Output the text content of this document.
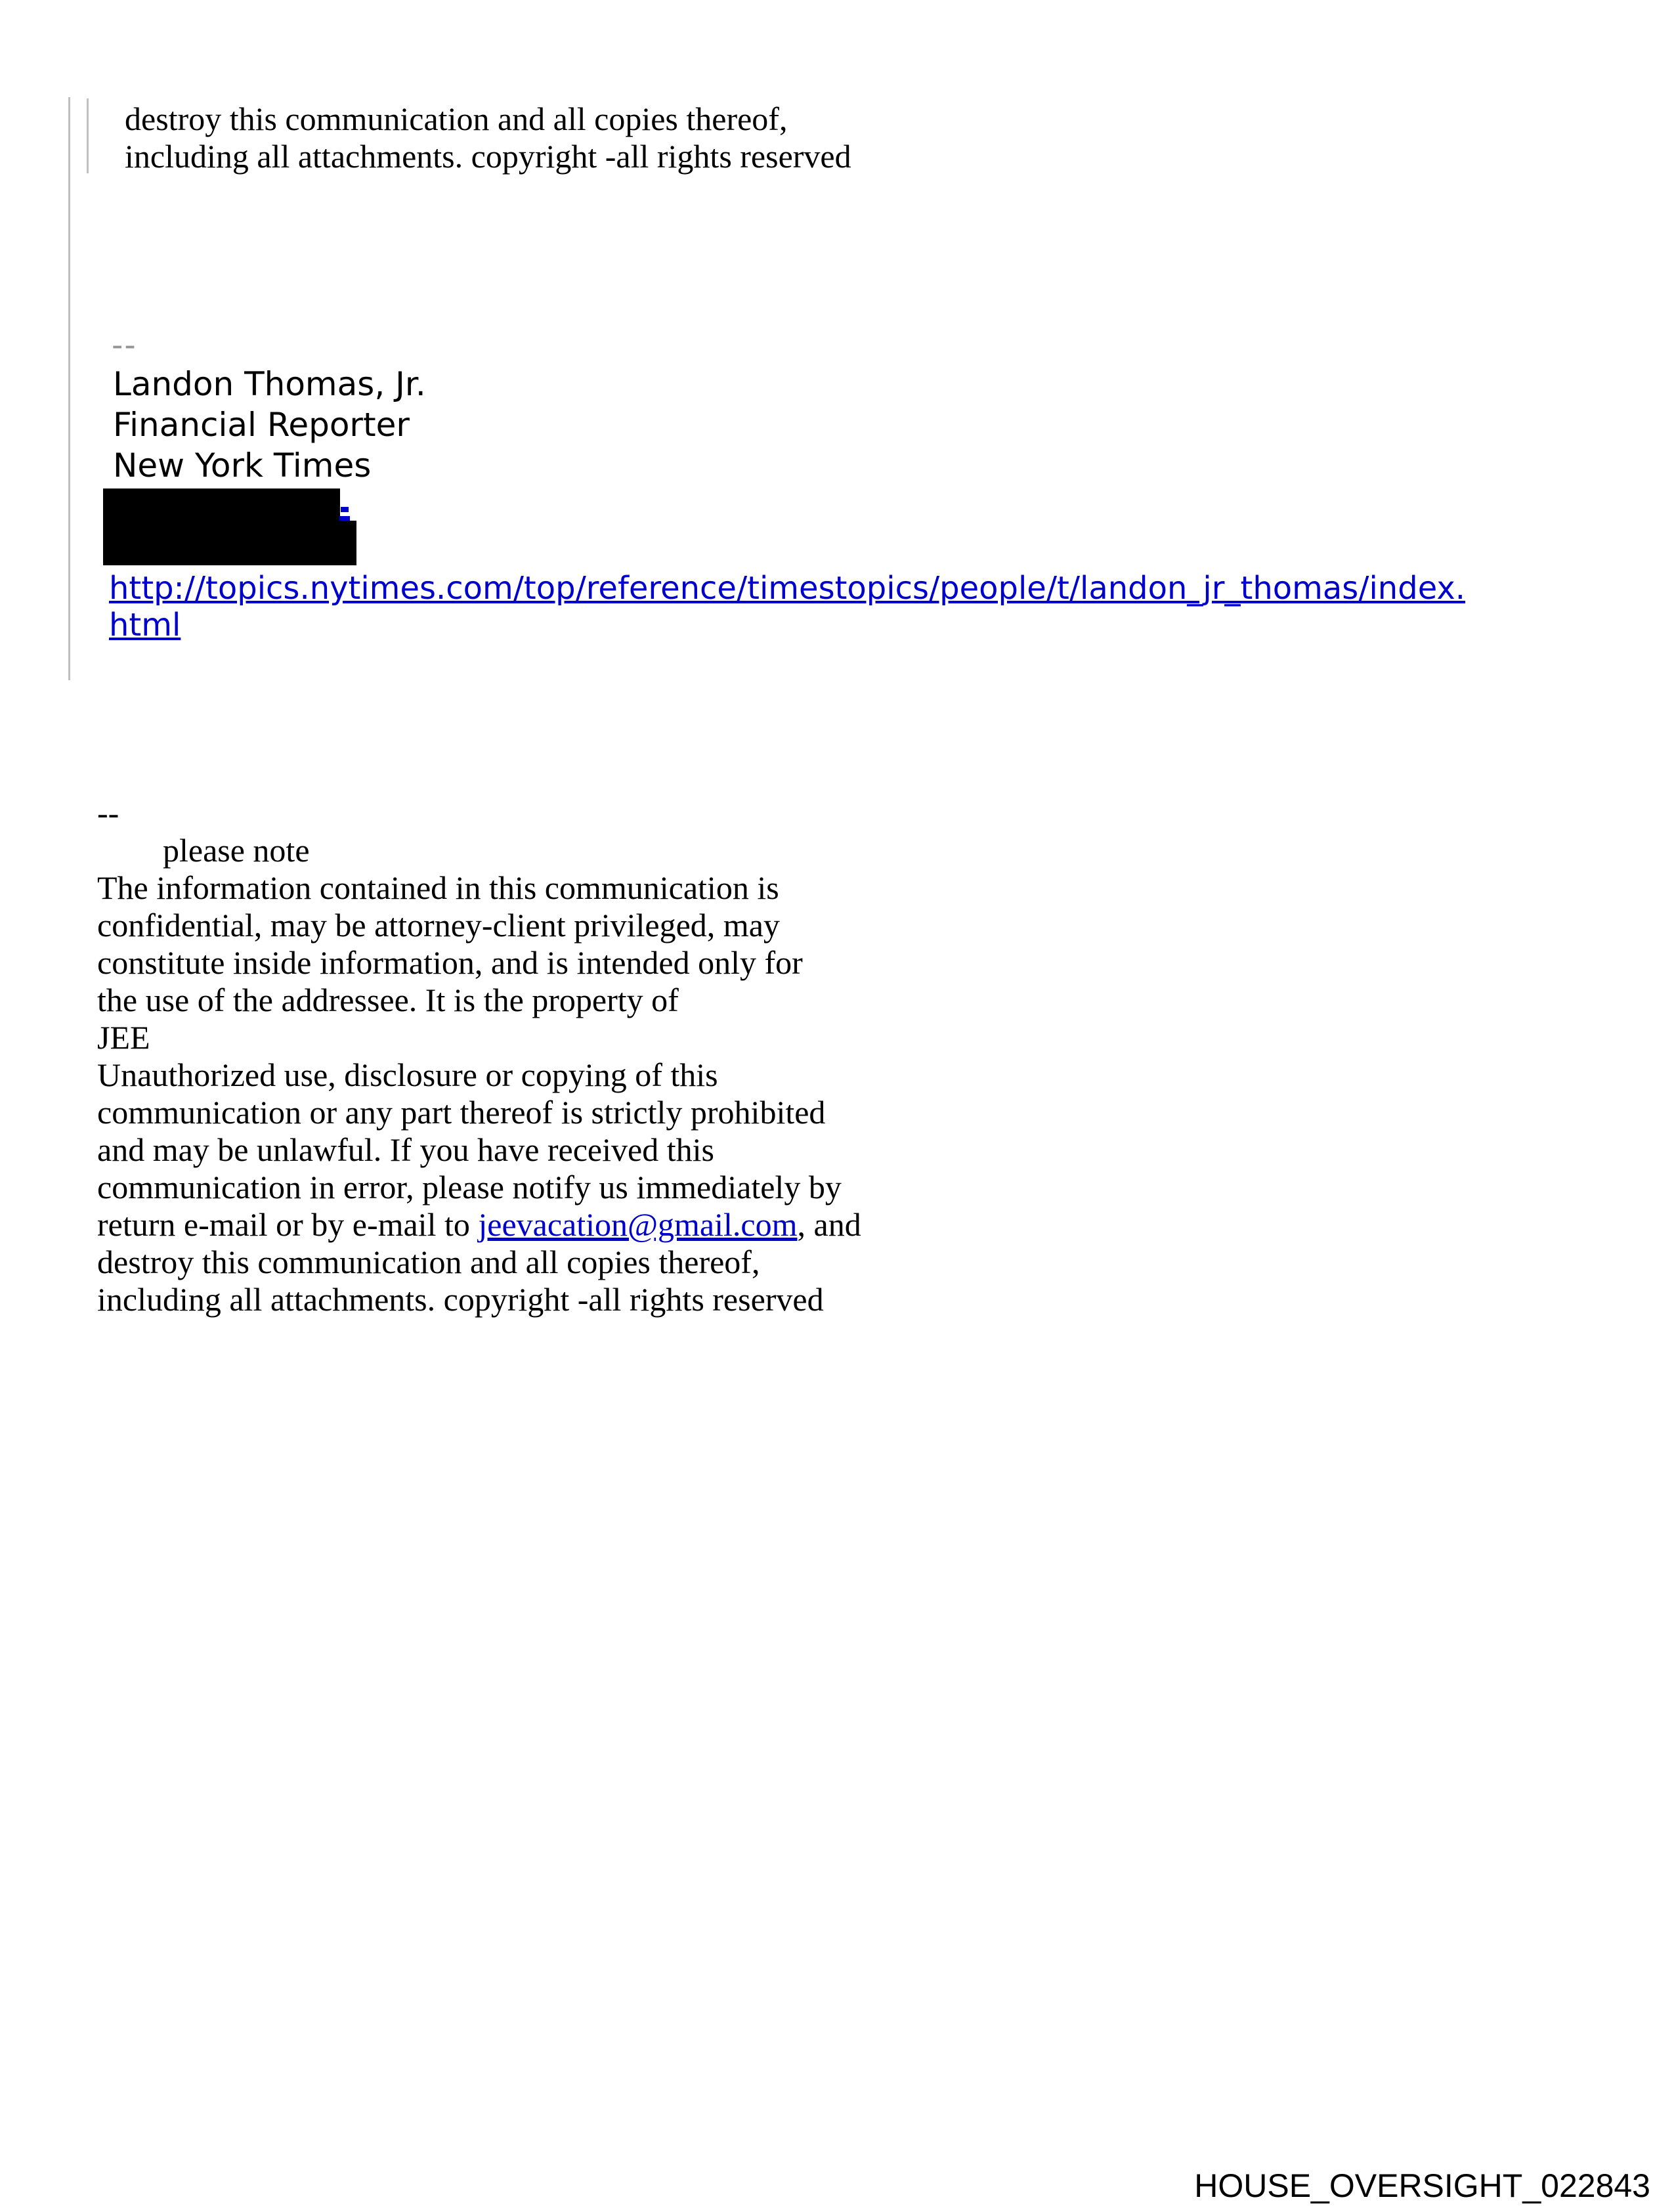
destroy this communication and all copies thereof,
including all attachments. copyright -all rights reserved
--
Landon Thomas, Jr.
Financial Reporter
New York Times
http://topics.nytimes.com/top/reference/timestopics/people/t/landon_jr_thomas/index.
html
--
please note
The information contained in this communication is
confidential, may be attorney-client privileged, may
constitute inside information, and is intended only for
the use of the addressee. It is the property of
JEE
Unauthorized use, disclosure or copying of this
communication or any part thereof is strictly prohibited
and may be unlawful. If you have received this
communication in error, please notify us immediately by
return e-mail or by e-mail to jeevacation@gmail.com, and
destroy this communication and all copies thereof,
including all attachments. copyright -all rights reserved
HOUSE_OVERSIGHT_022843
